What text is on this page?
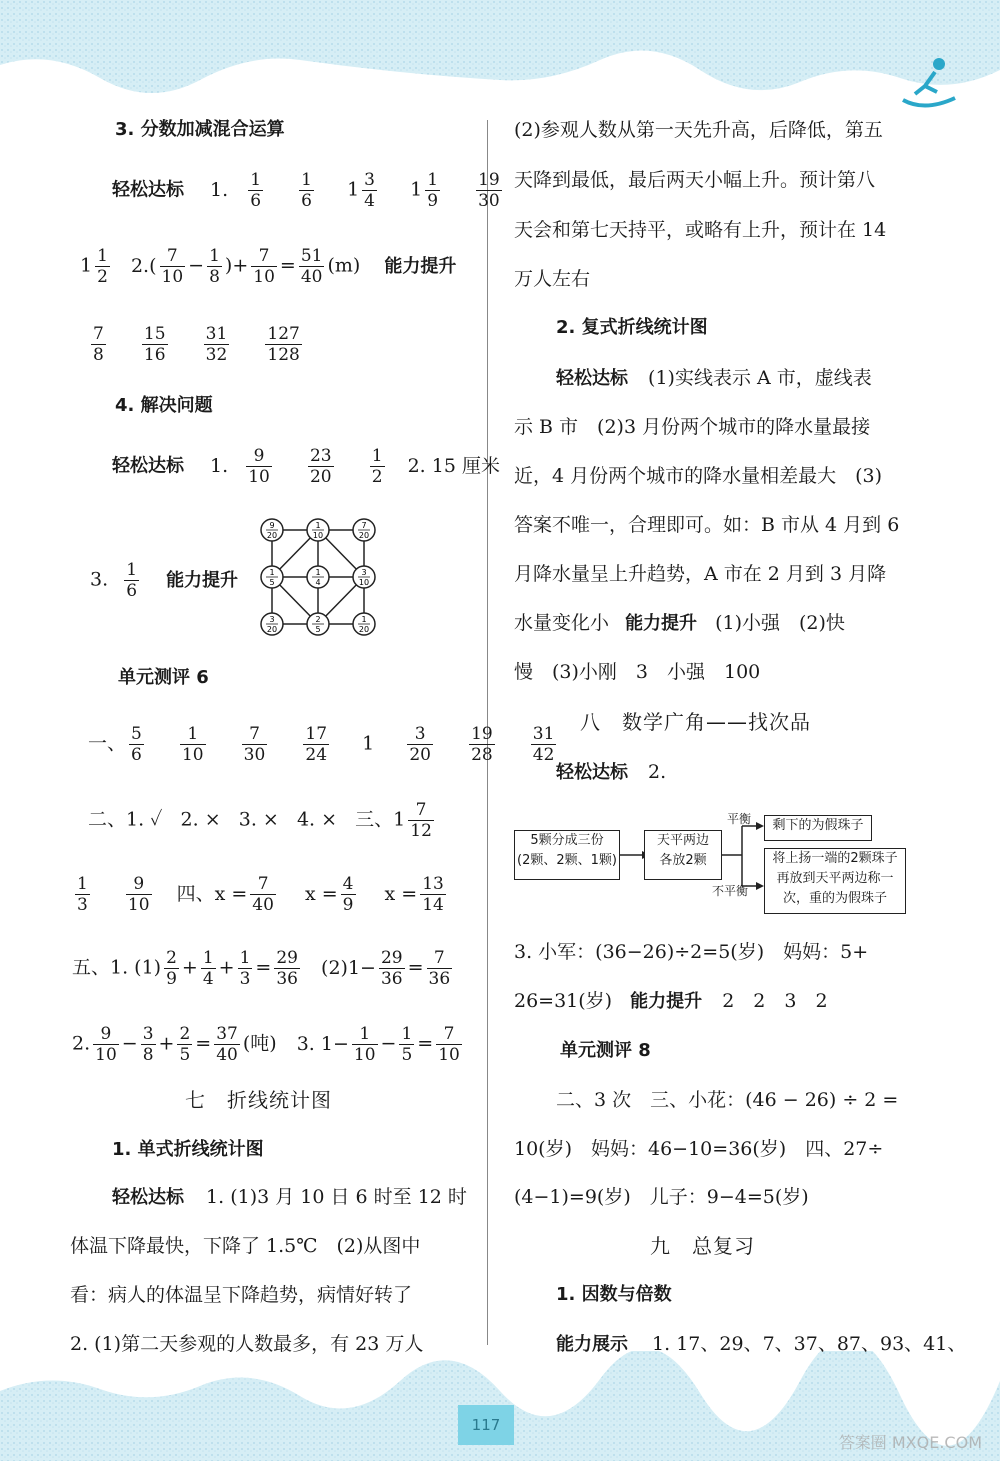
3. 分数加减混合运算
轻松达标 1. $\frac{1}{6}$
$\frac{1}{6} 1 \frac{3}{4} 1 \frac{1}{9}$
$\frac{19}{30}$
$1 \frac{1}{2} 2.( \frac{7}{10} - \frac{1}{8}$ )+ $\frac{7}{10} = \frac{51}{40} (m)$ 能力提升
$\frac{7}{8}$
$\frac{15}{16}$
$\frac{31}{32}$
$\frac{127}{128}$
4. 解决问题
轻松达标 1. $\frac{9}{10}$
$\frac{23}{20}$
$\frac{1}{2} 2$. 15 厘米
3. $\frac{1}{6}$ 能力提升
9
20
1
10
7
20
1
5
1
4
3
10
3
20
2
5
1
20
单元测评 6
一、 $\frac{5}{6}$
$\frac{1}{10}$
$\frac{7}{30}$
$\frac{17}{24} 1 \frac{3}{20}$
$\frac{19}{28}$
$\frac{31}{42}$
二、1. ✓   2. ×   3. ×   4. ×   三、$1 \frac{7}{12}$
$\frac{1}{3}$
$\frac{9}{10}$ 四、$x = \frac{7}{40}$ $x = \frac{4}{9}$ $x = \frac{13}{14}$
五、1. $(1) \frac{2}{9} + \frac{1}{4} + \frac{1}{3} = \frac{29}{36} (2)1- \frac{29}{36} = \frac{7}{36}$
2. $\frac{9}{10} - \frac{3}{8} + \frac{2}{5} = \frac{37}{40}$ (吨) 3. $1- \frac{1}{10} - \frac{1}{5} = \frac{7}{10}$
七　折线统计图
1. 单式折线统计图
轻松达标 1. (1)3 月 10 日 6 时至 12 时
体温下降最快，下降了 1.5℃　(2)从图中
看：病人的体温呈下降趋势，病情好转了
2. (1)第二天参观的人数最多，有 23 万人
(2)参观人数从第一天先升高，后降低，第五
天降到最低，最后两天小幅上升。预计第八
天会和第七天持平，或略有上升，预计在 14
万人左右
2. 复式折线统计图
轻松达标 (1)实线表示 A 市，虚线表
示 B 市　(2)3 月份两个城市的降水量最接
近，4 月份两个城市的降水量相差最大　(3)
答案不唯一，合理即可。如：B 市从 4 月到 6
月降水量呈上升趋势，A 市在 2 月到 3 月降
水量变化小 能力提升 (1)小强　(2)快
慢　(3)小刚　3　小强　100
八　数学广角——找次品
轻松达标 2.
5颗分成三份
(2颗、2颗、1颗)
天平两边
各放2颗
平衡
不平衡
剩下的为假珠子
将上扬一端的2颗珠子
再放到天平两边称一
次，重的为假珠子
3. 小军：(36−26)÷2=5(岁)　妈妈：5+
26=31(岁) 能力提升 2　2　3　2
单元测评 8
二、3 次　三、小花：(46 − 26) ÷ 2 =
10(岁)　妈妈：46−10=36(岁)　四、27÷
(4−1)=9(岁)　儿子：9−4=5(岁)
九　总复习
1. 因数与倍数
能力展示 1. 17、29、7、37、87、93、41、
117
答案圈 MXQE.COM
